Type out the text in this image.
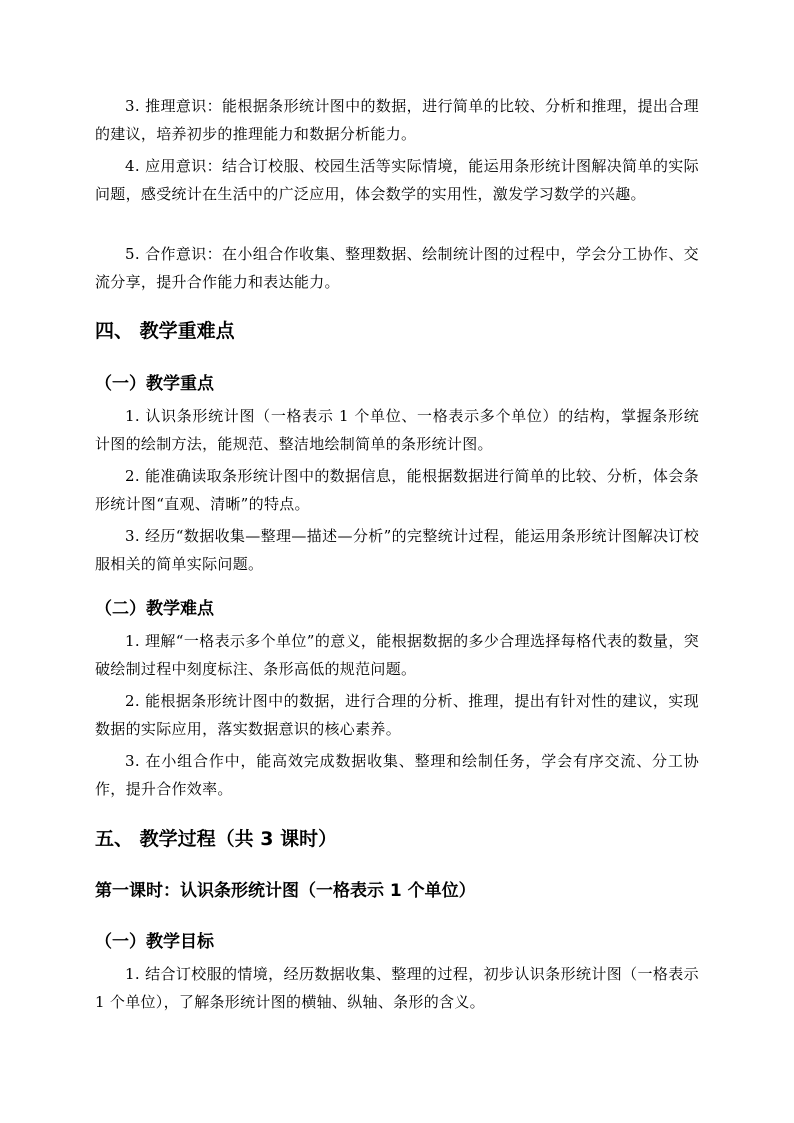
3. 推理意识：能根据条形统计图中的数据，进行简单的比较、分析和推理，提出合理的建议，培养初步的推理能力和数据分析能力。

4. 应用意识：结合订校服、校园生活等实际情境，能运用条形统计图解决简单的实际问题，感受统计在生活中的广泛应用，体会数学的实用性，激发学习数学的兴趣。

5. 合作意识：在小组合作收集、整理数据、绘制统计图的过程中，学会分工协作、交流分享，提升合作能力和表达能力。

四、 教学重难点
（一）教学重点

1. 认识条形统计图（一格表示 1 个单位、一格表示多个单位）的结构，掌握条形统计图的绘制方法，能规范、整洁地绘制简单的条形统计图。

2. 能准确读取条形统计图中的数据信息，能根据数据进行简单的比较、分析，体会条形统计图“直观、清晰”的特点。

3. 经历“数据收集—整理—描述—分析”的完整统计过程，能运用条形统计图解决订校服相关的简单实际问题。

（二）教学难点

1. 理解“一格表示多个单位”的意义，能根据数据的多少合理选择每格代表的数量，突破绘制过程中刻度标注、条形高低的规范问题。

2. 能根据条形统计图中的数据，进行合理的分析、推理，提出有针对性的建议，实现数据的实际应用，落实数据意识的核心素养。

3. 在小组合作中，能高效完成数据收集、整理和绘制任务，学会有序交流、分工协作，提升合作效率。

五、 教学过程（共 3 课时）
第一课时：认识条形统计图（一格表示 1 个单位）
（一）教学目标

1. 结合订校服的情境，经历数据收集、整理的过程，初步认识条形统计图（一格表示 1 个单位），了解条形统计图的横轴、纵轴、条形的含义。
